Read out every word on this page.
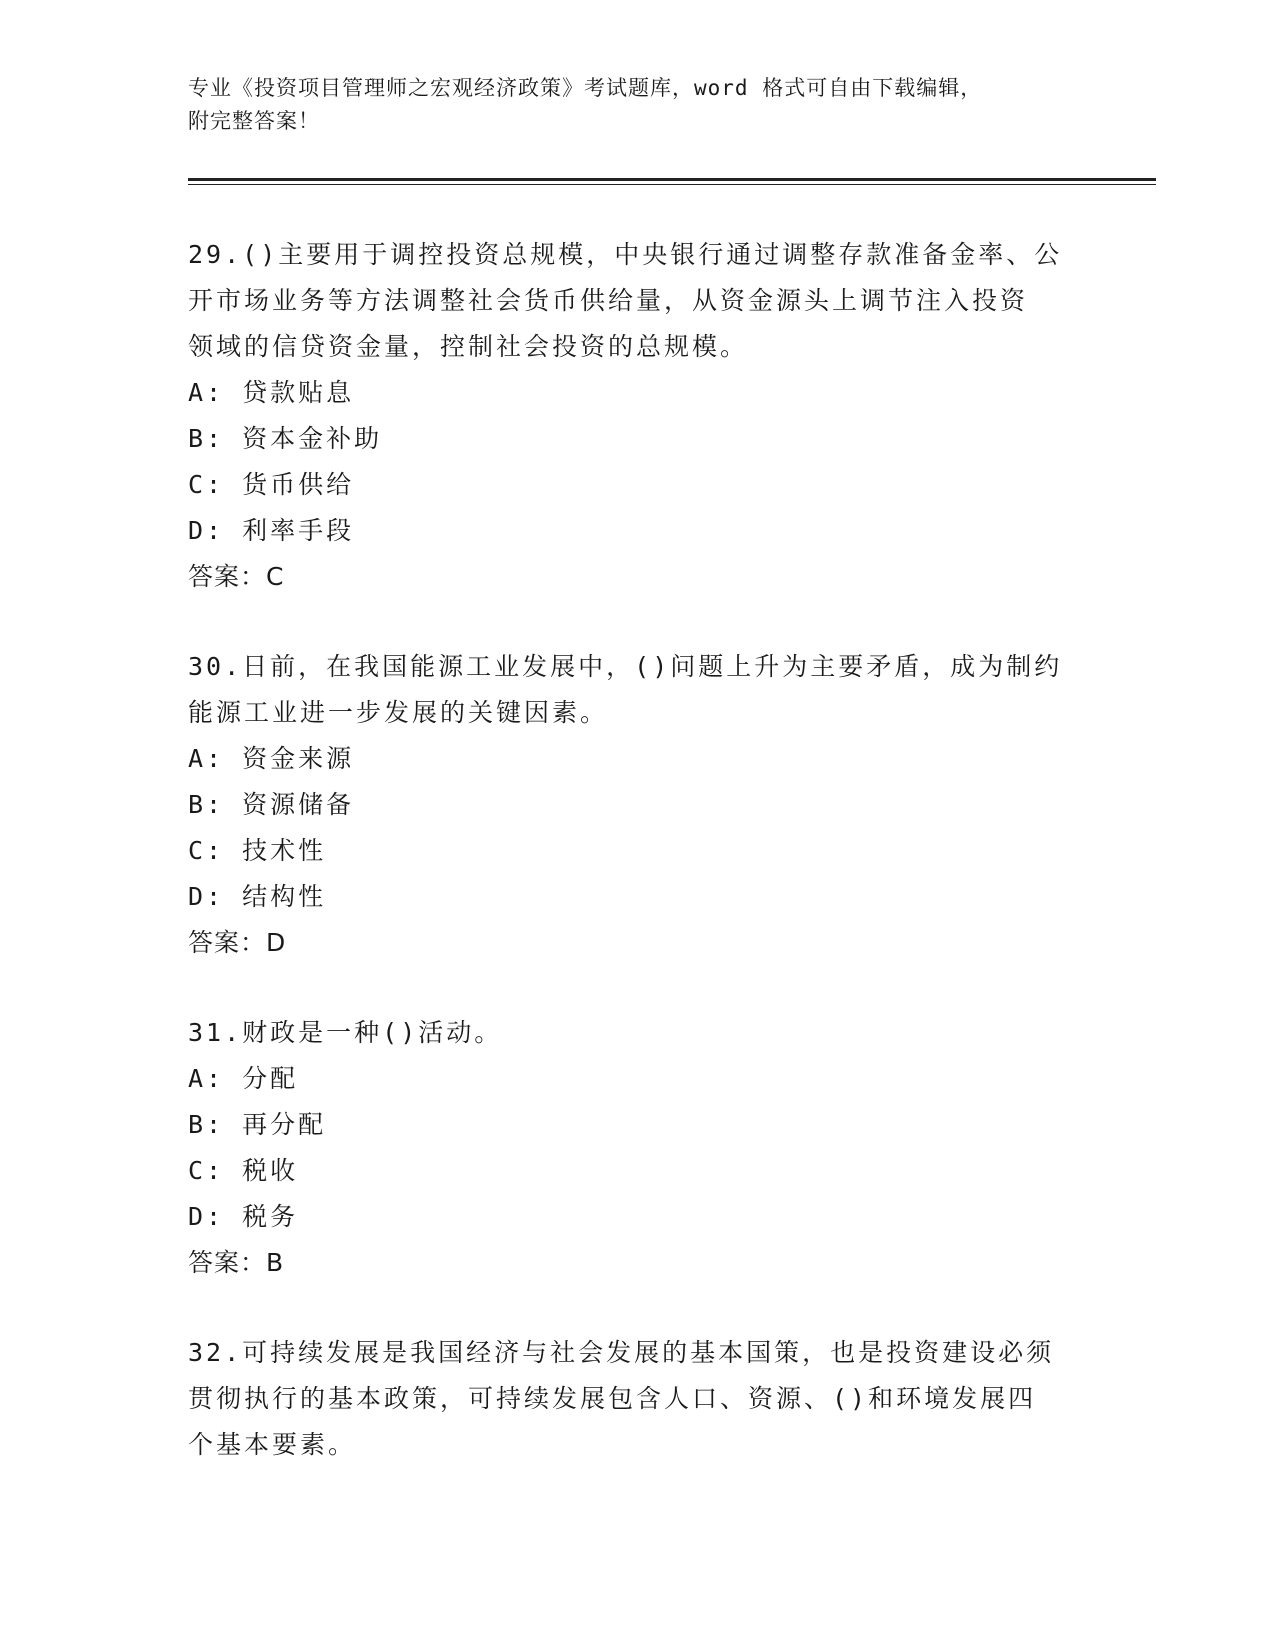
专业《投资项目管理师之宏观经济政策》考试题库，word 格式可自由下载编辑，
附完整答案！

29.()主要用于调控投资总规模，中央银行通过调整存款准备金率、公

开市场业务等方法调整社会货币供给量，从资金源头上调节注入投资

领域的信贷资金量，控制社会投资的总规模。

A: 贷款贴息

B: 资本金补助

C: 货币供给

D: 利率手段

答案：C

30.日前，在我国能源工业发展中，()问题上升为主要矛盾，成为制约

能源工业进一步发展的关键因素。

A: 资金来源

B: 资源储备

C: 技术性

D: 结构性

答案：D

31.财政是一种()活动。

A: 分配

B: 再分配

C: 税收

D: 税务

答案：B

32.可持续发展是我国经济与社会发展的基本国策，也是投资建设必须

贯彻执行的基本政策，可持续发展包含人口、资源、()和环境发展四

个基本要素。
